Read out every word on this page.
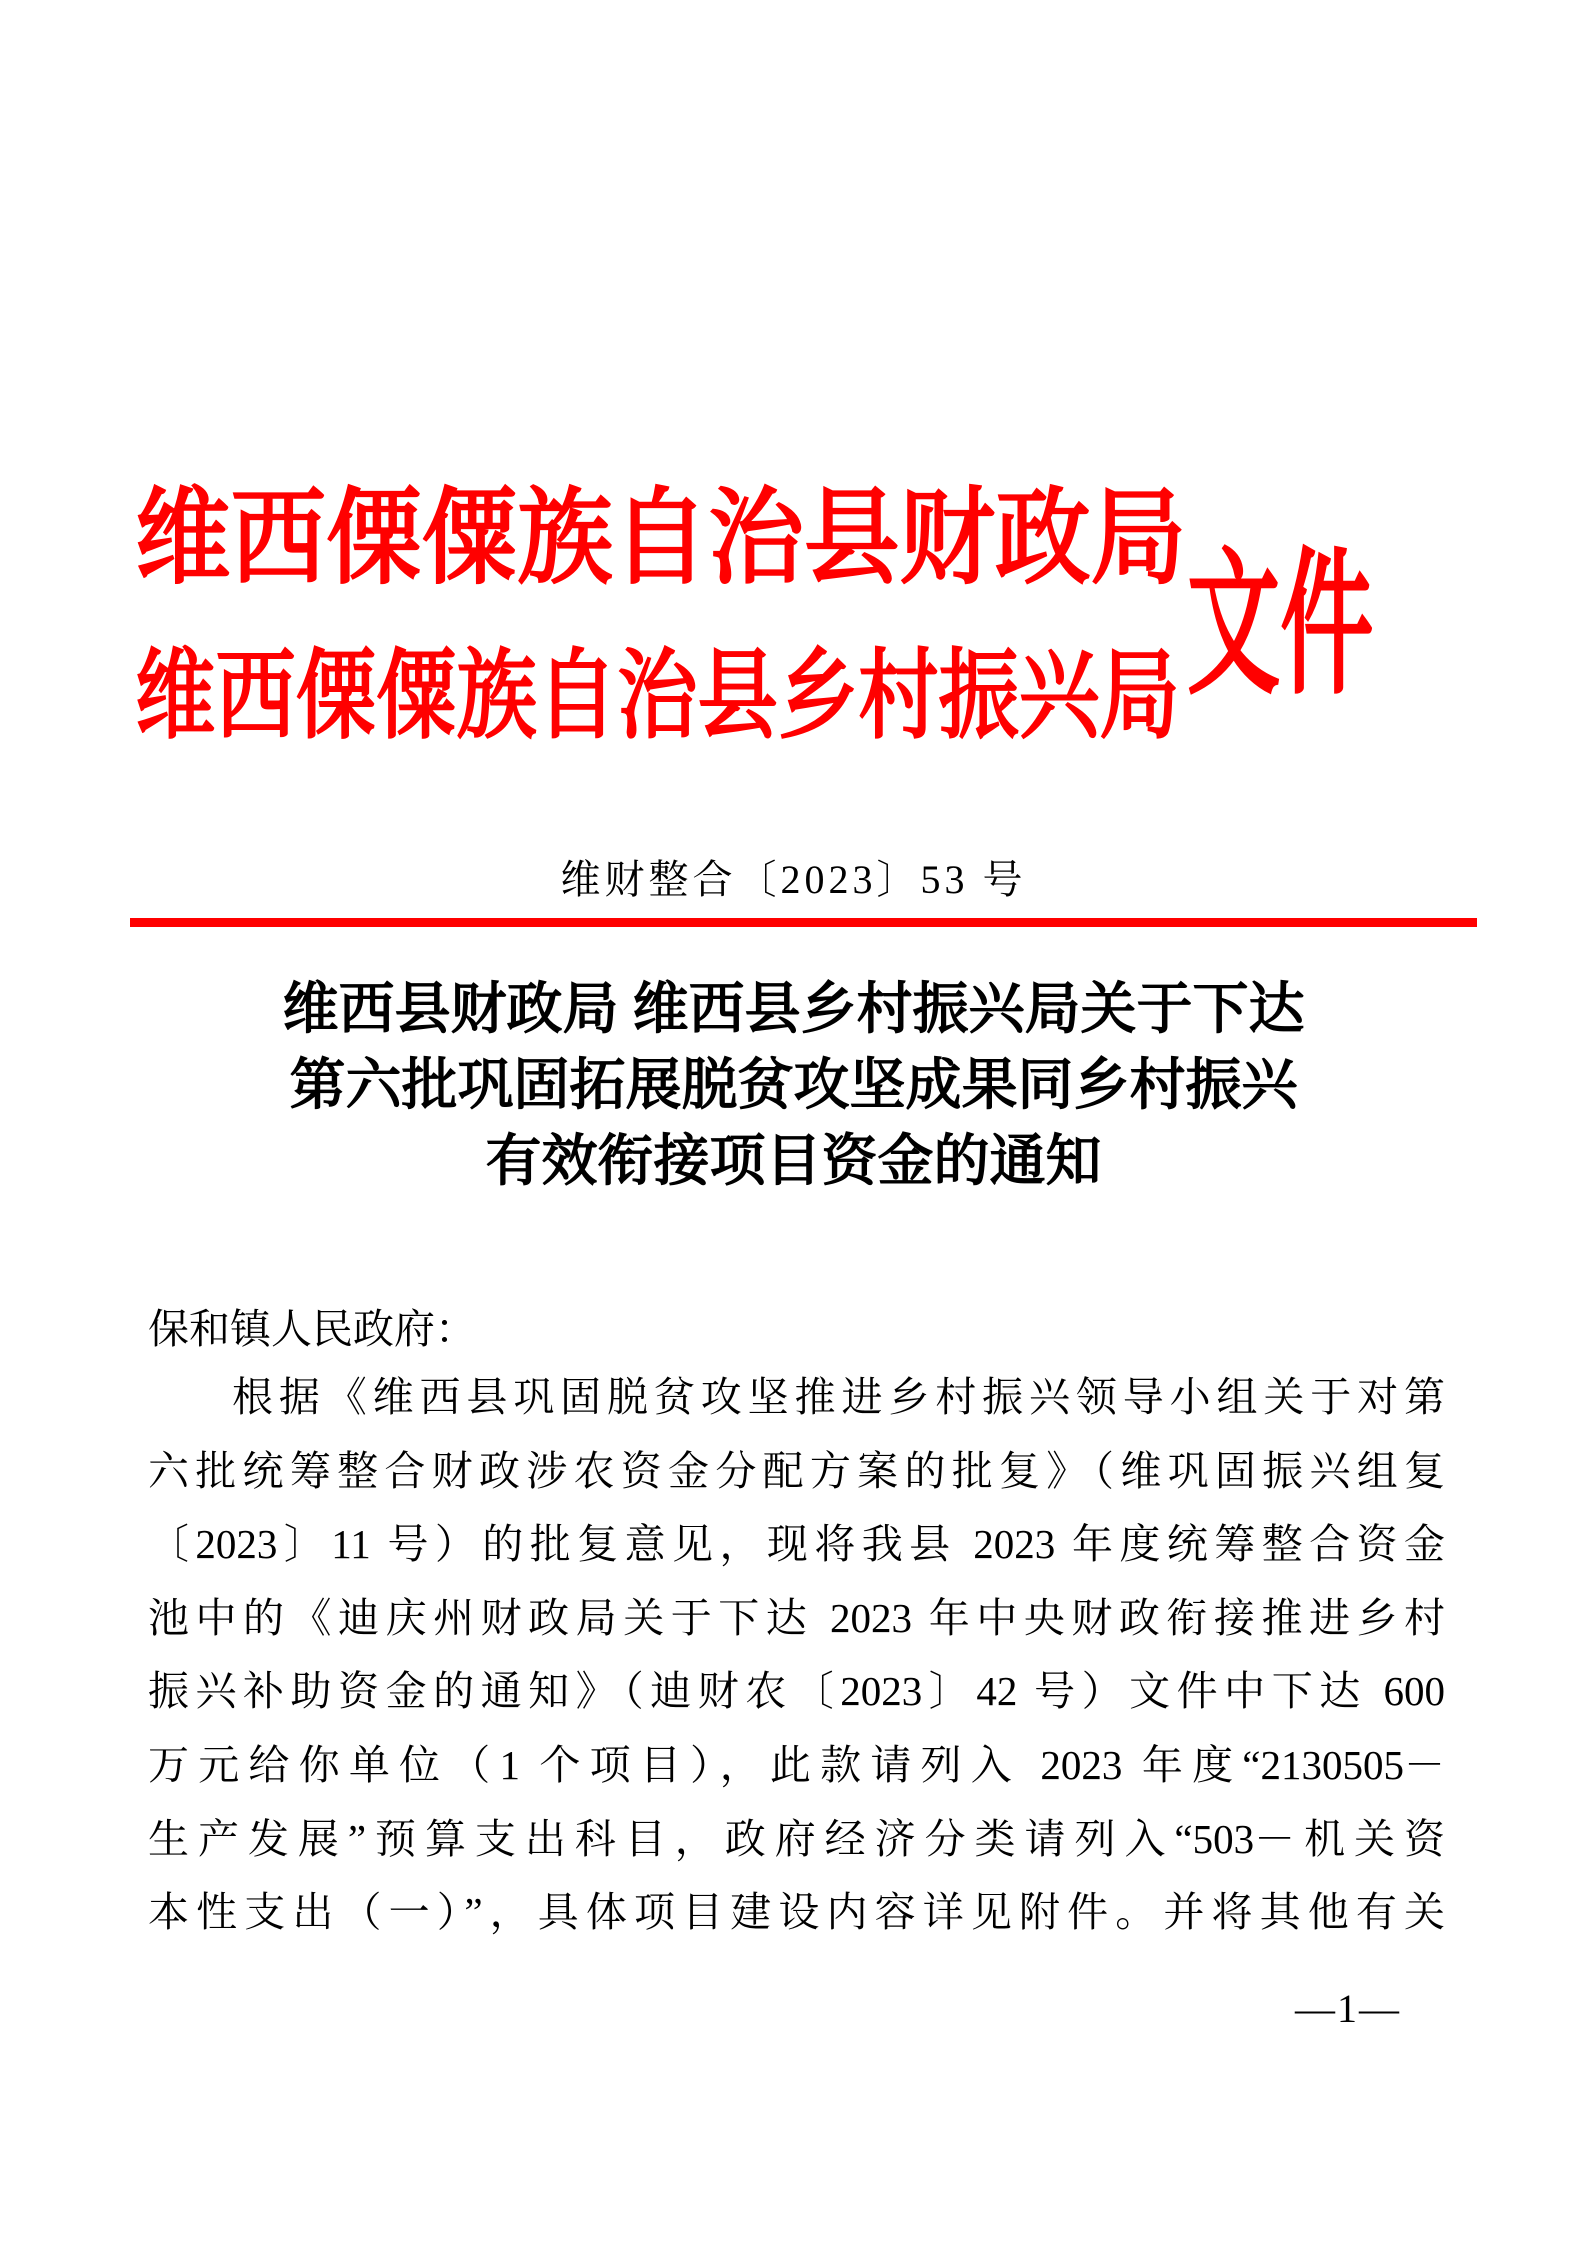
维西傈僳族自治县财政局
维西傈僳族自治县乡村振兴局 文件
维财整合〔2023〕53 号
维西县财政局 维西县乡村振兴局关于下达
第六批巩固拓展脱贫攻坚成果同乡村振兴
有效衔接项目资金的通知
保和镇人民政府：
根据《维西县巩固脱贫攻坚推进乡村振兴领导小组关于对第
六批统筹整合财政涉农资金分配方案的批复》（维巩固振兴组复
〔2023〕11 号）的批复意见，现将我县 2023 年度统筹整合资金
池中的《迪庆州财政局关于下达 2023 年中央财政衔接推进乡村
振兴补助资金的通知》（迪财农〔2023〕42 号）文件中下达 600
万元给你单位（1 个项目），此款请列入 2023 年度“2130505－
生产发展”预算支出科目，政府经济分类请列入“503－机关资
本性支出（一）”，具体项目建设内容详见附件。并将其他有关
—1—
